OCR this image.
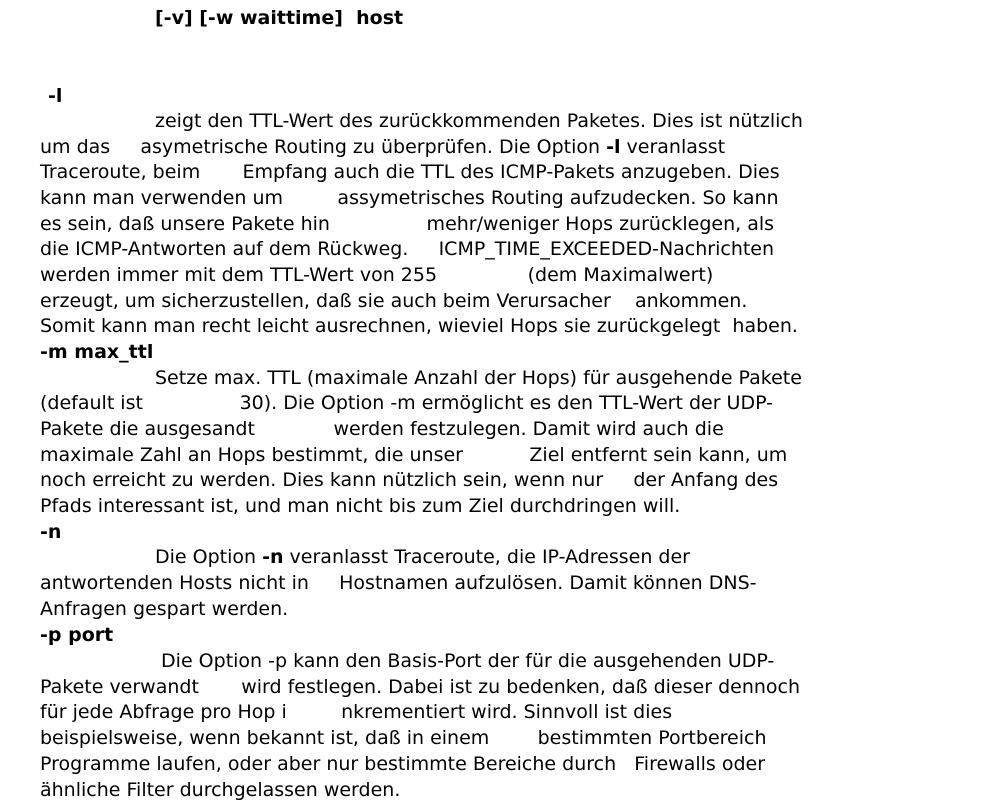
[-v] [-w waittime]  host
-l
zeigt den TTL-Wert des zurückkommenden Paketes. Dies ist nützlich
um das     asymetrische Routing zu überprüfen. Die Option -l veranlasst
Traceroute, beim       Empfang auch die TTL des ICMP-Pakets anzugeben. Dies
kann man verwenden um         assymetrisches Routing aufzudecken. So kann
es sein, daß unsere Pakete hin                mehr/weniger Hops zurücklegen, als
die ICMP-Antworten auf dem Rückweg.     ICMP_TIME_EXCEEDED-Nachrichten
werden immer mit dem TTL-Wert von 255               (dem Maximalwert)
erzeugt, um sicherzustellen, daß sie auch beim Verursacher    ankommen.
Somit kann man recht leicht ausrechnen, wieviel Hops sie zurückgelegt  haben.
-m max_ttl
Setze max. TTL (maximale Anzahl der Hops) für ausgehende Pakete
(default ist                30). Die Option -m ermöglicht es den TTL-Wert der UDP-
Pakete die ausgesandt             werden festzulegen. Damit wird auch die
maximale Zahl an Hops bestimmt, die unser           Ziel entfernt sein kann, um
noch erreicht zu werden. Dies kann nützlich sein, wenn nur     der Anfang des
Pfads interessant ist, und man nicht bis zum Ziel durchdringen will.
-n
Die Option -n veranlasst Traceroute, die IP-Adressen der
antwortenden Hosts nicht in     Hostnamen aufzulösen. Damit können DNS-
Anfragen gespart werden.
-p port
Die Option -p kann den Basis-Port der für die ausgehenden UDP-
Pakete verwandt       wird festlegen. Dabei ist zu bedenken, daß dieser dennoch
für jede Abfrage pro Hop i         nkrementiert wird. Sinnvoll ist dies
beispielsweise, wenn bekannt ist, daß in einem        bestimmten Portbereich
Programme laufen, oder aber nur bestimmte Bereiche durch   Firewalls oder
ähnliche Filter durchgelassen werden.
